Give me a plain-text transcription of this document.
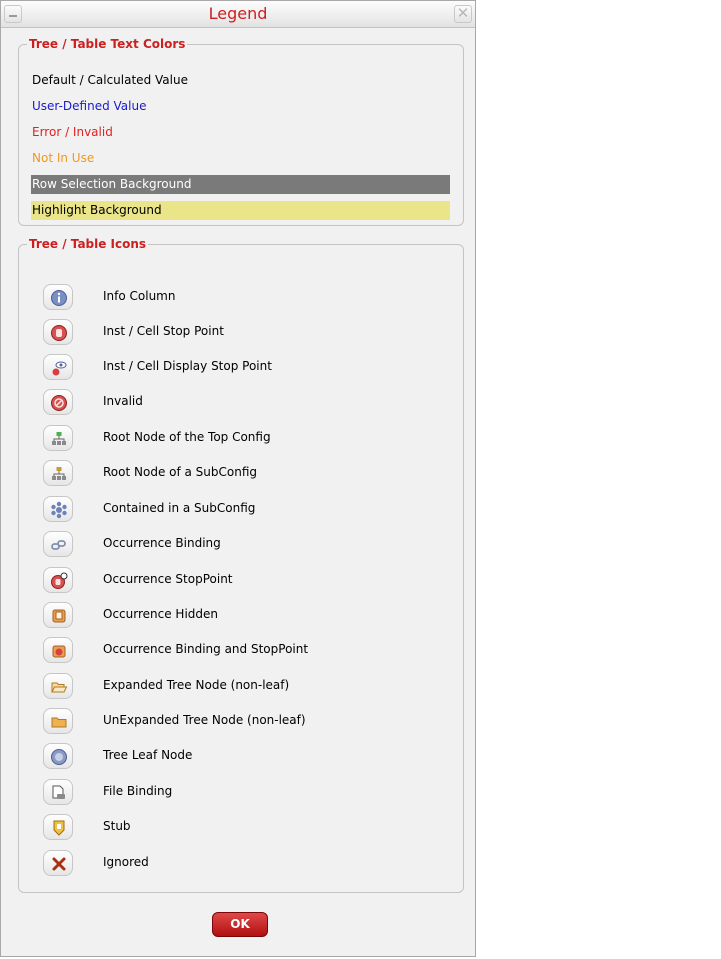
Legend	✕
Tree / Table Text Colors
Default / Calculated Value
User-Defined Value
Error / Invalid
Not In Use
Row Selection Background
Highlight Background
Tree / Table Icons
Info Column
Inst / Cell Stop Point
Inst / Cell Display Stop Point
Invalid
Root Node of the Top Config
Root Node of a SubConfig
Contained in a SubConfig
Occurrence Binding
Occurrence StopPoint
Occurrence Hidden
Occurrence Binding and StopPoint
Expanded Tree Node (non-leaf)
UnExpanded Tree Node (non-leaf)
Tree Leaf Node
File Binding
Stub
Ignored
OK
